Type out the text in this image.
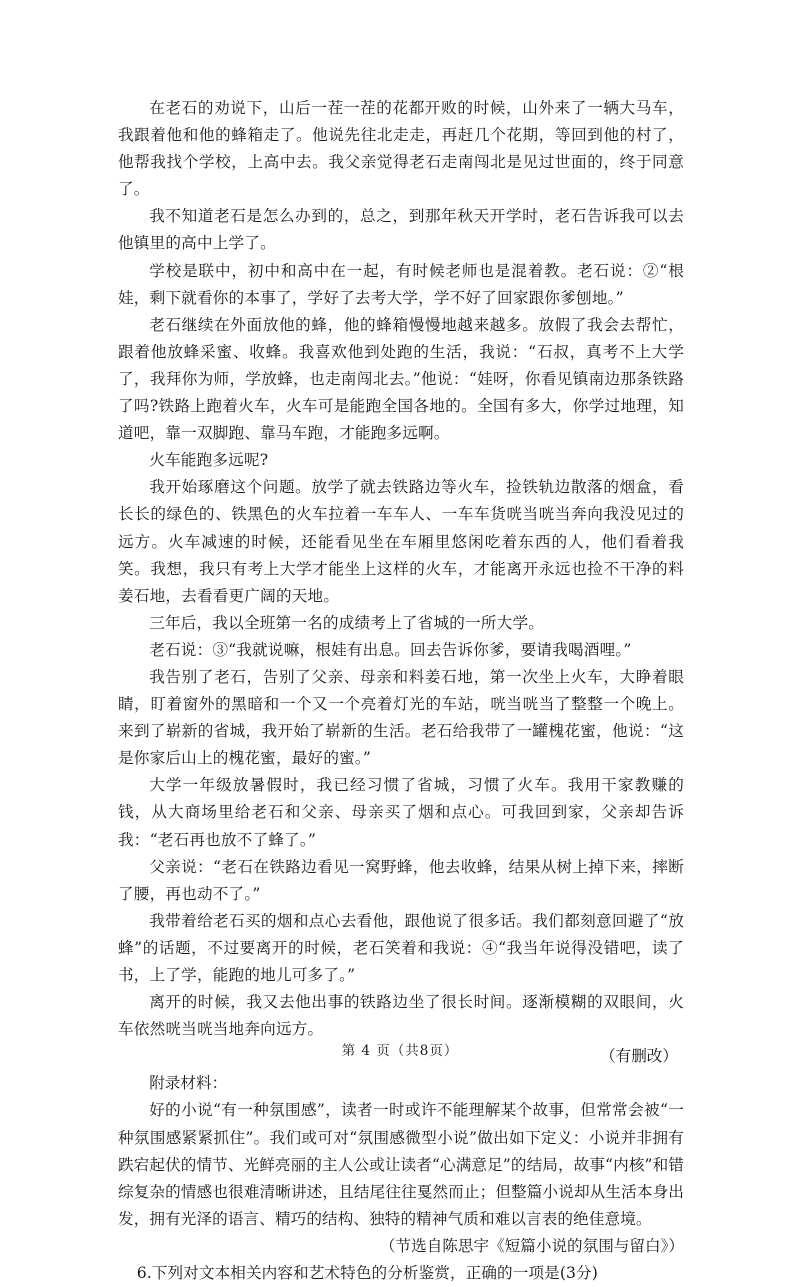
在老石的劝说下，山后一茬一茬的花都开败的时候，山外来了一辆大马车，我跟着他和他的蜂箱走了。他说先往北走走，再赶几个花期，等回到他的村了，他帮我找个学校，上高中去。我父亲觉得老石走南闯北是见过世面的，终于同意了。

我不知道老石是怎么办到的，总之，到那年秋天开学时，老石告诉我可以去他镇里的高中上学了。

学校是联中，初中和高中在一起，有时候老师也是混着教。老石说：②“根娃，剩下就看你的本事了，学好了去考大学，学不好了回家跟你爹刨地。”

老石继续在外面放他的蜂，他的蜂箱慢慢地越来越多。放假了我会去帮忙，跟着他放蜂采蜜、收蜂。我喜欢他到处跑的生活，我说：“石叔，真考不上大学了，我拜你为师，学放蜂，也走南闯北去。”他说：“娃呀，你看见镇南边那条铁路了吗?铁路上跑着火车，火车可是能跑全国各地的。全国有多大，你学过地理，知道吧，靠一双脚跑、靠马车跑，才能跑多远啊。

火车能跑多远呢?

我开始琢磨这个问题。放学了就去铁路边等火车，捡铁轨边散落的烟盒，看长长的绿色的、铁黑色的火车拉着一车车人、一车车货咣当咣当奔向我没见过的远方。火车减速的时候，还能看见坐在车厢里悠闲吃着东西的人，他们看着我笑。我想，我只有考上大学才能坐上这样的火车，才能离开永远也捡不干净的料姜石地，去看看更广阔的天地。

三年后，我以全班第一名的成绩考上了省城的一所大学。

老石说：③“我就说嘛，根娃有出息。回去告诉你爹，要请我喝酒哩。”

我告别了老石，告别了父亲、母亲和料姜石地，第一次坐上火车，大睁着眼睛，盯着窗外的黑暗和一个又一个亮着灯光的车站，咣当咣当了整整一个晚上。来到了崭新的省城，我开始了崭新的生活。老石给我带了一罐槐花蜜，他说：“这是你家后山上的槐花蜜，最好的蜜。”

大学一年级放暑假时，我已经习惯了省城，习惯了火车。我用干家教赚的钱，从大商场里给老石和父亲、母亲买了烟和点心。可我回到家，父亲却告诉我：“老石再也放不了蜂了。”

父亲说：“老石在铁路边看见一窝野蜂，他去收蜂，结果从树上掉下来，摔断了腰，再也动不了。”

我带着给老石买的烟和点心去看他，跟他说了很多话。我们都刻意回避了“放蜂”的话题，不过要离开的时候，老石笑着和我说：④“我当年说得没错吧，读了书，上了学，能跑的地儿可多了。”

离开的时候，我又去他出事的铁路边坐了很长时间。逐渐模糊的双眼间，火车依然咣当咣当地奔向远方。

（有删改）

附录材料：

好的小说“有一种氛围感”，读者一时或许不能理解某个故事，但常常会被“一种氛围感紧紧抓住”。我们或可对“氛围感微型小说”做出如下定义：小说并非拥有跌宕起伏的情节、光鲜亮丽的主人公或让读者“心满意足”的结局，故事“内核”和错综复杂的情感也很难清晰讲述，且结尾往往戛然而止；但整篇小说却从生活本身出发，拥有光泽的语言、精巧的结构、独特的精神气质和难以言表的绝佳意境。

（节选自陈思宇《短篇小说的氛围与留白》）

6.下列对文本相关内容和艺术特色的分析鉴赏，正确的一项是(3分)

第 4 页（共8页）
